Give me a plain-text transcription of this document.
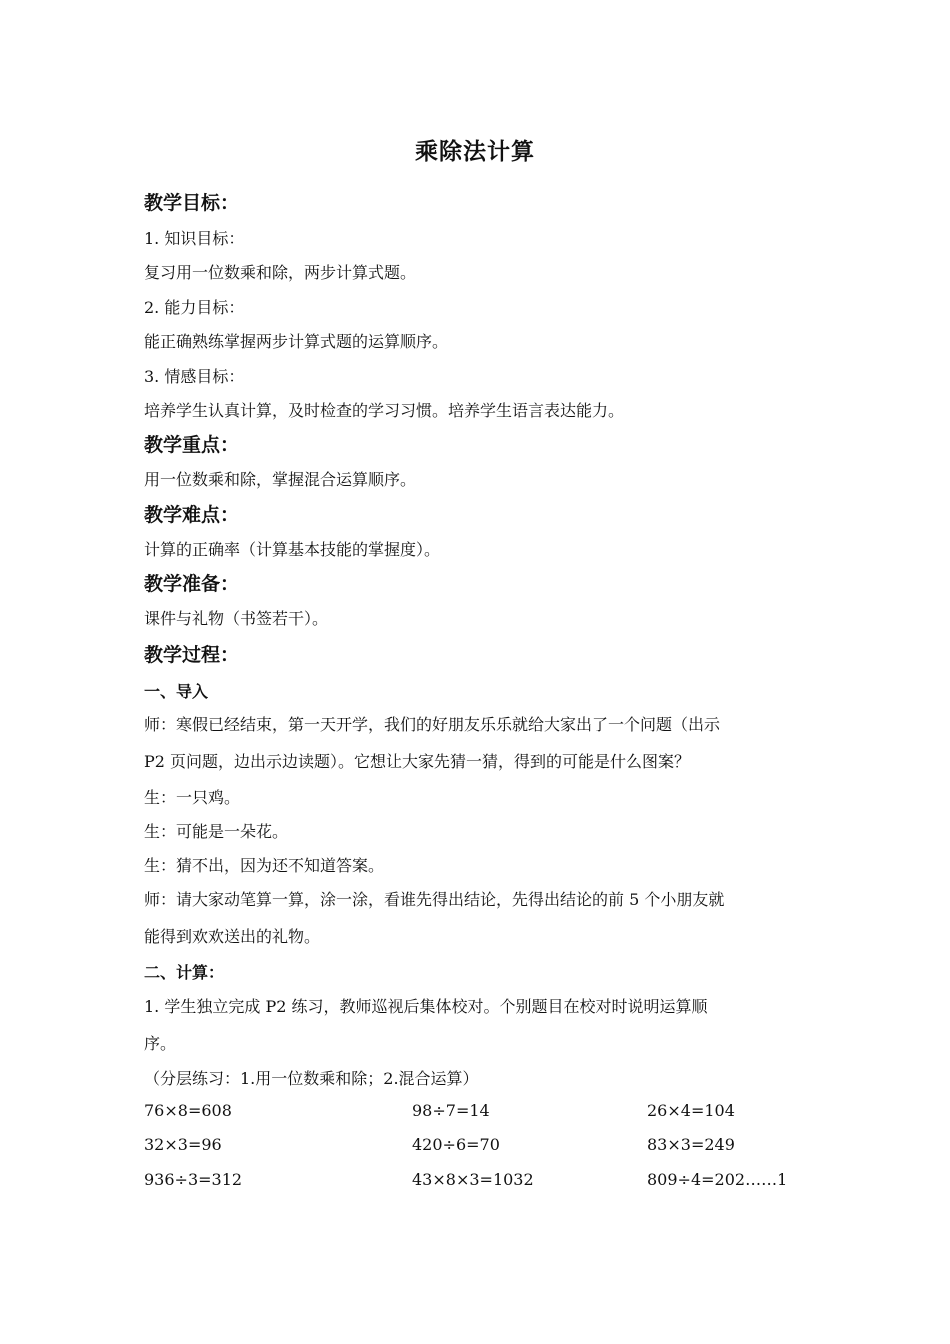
乘除法计算
教学目标：
1. 知识目标：
复习用一位数乘和除，两步计算式题。
2. 能力目标：
能正确熟练掌握两步计算式题的运算顺序。
3. 情感目标：
培养学生认真计算，及时检查的学习习惯。培养学生语言表达能力。
教学重点：
用一位数乘和除，掌握混合运算顺序。
教学难点：
计算的正确率（计算基本技能的掌握度）。
教学准备：
课件与礼物（书签若干）。
教学过程：
一、导入
师：寒假已经结束，第一天开学，我们的好朋友乐乐就给大家出了一个问题（出示
P2 页问题，边出示边读题）。它想让大家先猜一猜，得到的可能是什么图案？
生：一只鸡。
生：可能是一朵花。
生：猜不出，因为还不知道答案。
师：请大家动笔算一算，涂一涂，看谁先得出结论，先得出结论的前 5 个小朋友就
能得到欢欢送出的礼物。
二、计算：
1. 学生独立完成 P2 练习，教师巡视后集体校对。个别题目在校对时说明运算顺
序。
（分层练习：1.用一位数乘和除；2.混合运算）
76×8=608	98÷7=14	26×4=104
32×3=96	420÷6=70	83×3=249
936÷3=312	43×8×3=1032	809÷4=202……1
